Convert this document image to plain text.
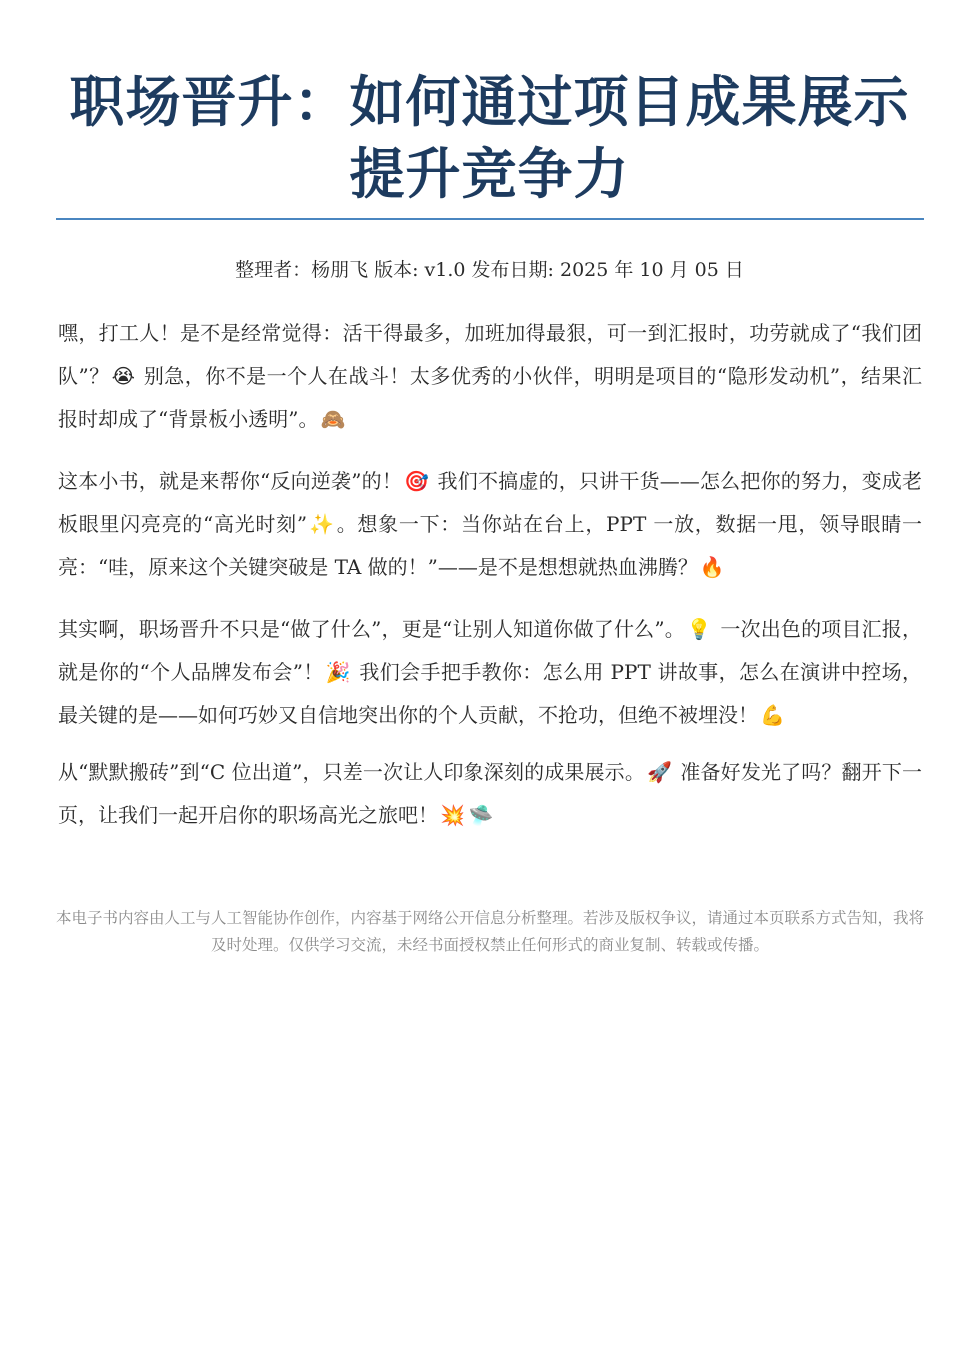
职场晋升：如何通过项目成果展示
提升竞争力
整理者：杨朋飞 版本: v1.0 发布日期: 2025 年 10 月 05 日

嘿，打工人！是不是经常觉得：活干得最多，加班加得最狠，可一到汇报时，功劳就成了“我们团队”？ 😭 别急，你不是一个人在战斗！太多优秀的小伙伴，明明是项目的“隐形发动机”，结果汇报时却成了“背景板小透明”。 🙈

这本小书，就是来帮你“反向逆袭”的！ 🎯 我们不搞虚的，只讲干货——怎么把你的努力，变成老板眼里闪亮亮的“高光时刻” ✨ 。想象一下：当你站在台上，PPT 一放，数据一甩，领导眼睛一亮：“哇，原来这个关键突破是 TA 做的！”——是不是想想就热血沸腾？ 🔥

其实啊，职场晋升不只是“做了什么”，更是“让别人知道你做了什么”。 💡 一次出色的项目汇报，就是你的“个人品牌发布会”！ 🎉 我们会手把手教你：怎么用 PPT 讲故事，怎么在演讲中控场，最关键的是——如何巧妙又自信地突出你的个人贡献，不抢功，但绝不被埋没！ 💪

从“默默搬砖”到“C 位出道”，只差一次让人印象深刻的成果展示。 🚀 准备好发光了吗？翻开下一页，让我们一起开启你的职场高光之旅吧！ 💥 🛸

本电子书内容由人工与人工智能协作创作，内容基于网络公开信息分析整理。若涉及版权争议，请通过本页联系方式告知，我将及时处理。仅供学习交流，未经书面授权禁止任何形式的商业复制、转载或传播。
